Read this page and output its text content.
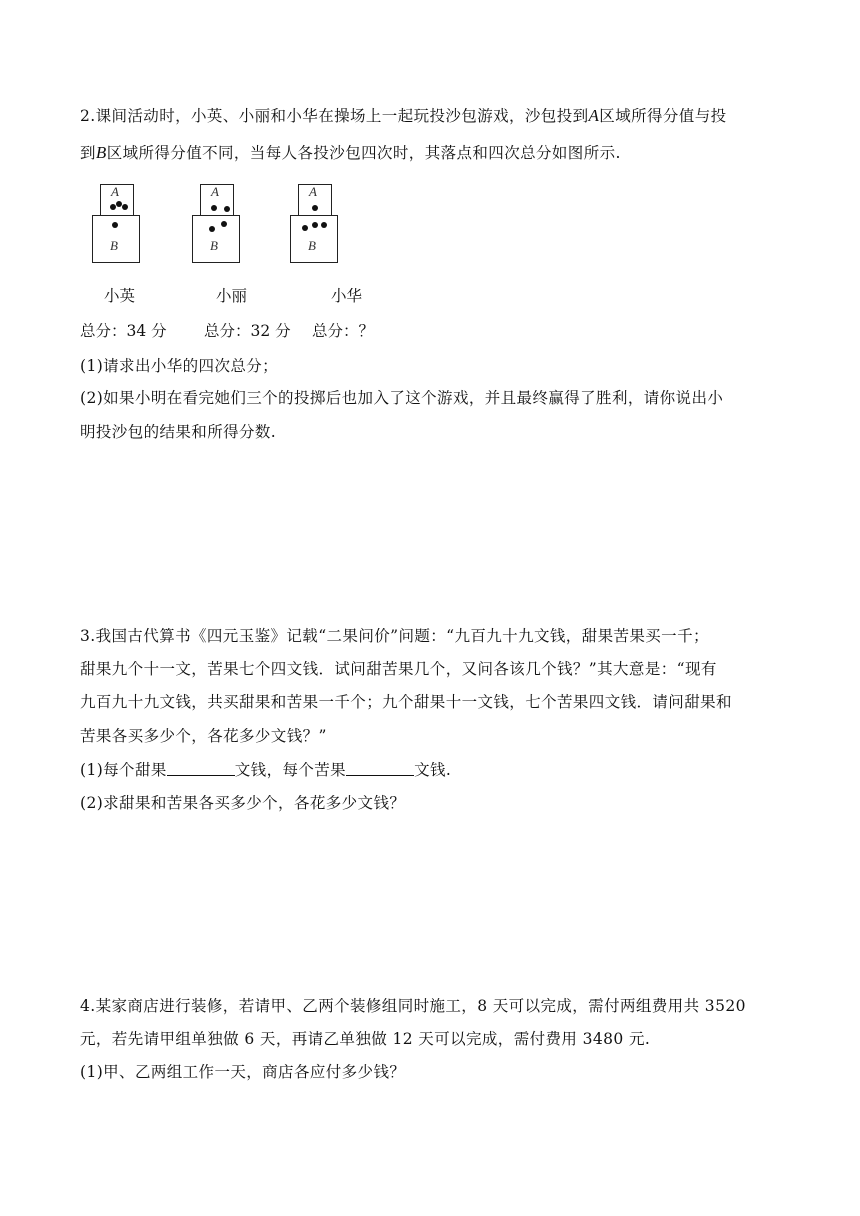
2.课间活动时，小英、小丽和小华在操场上一起玩投沙包游戏，沙包投到A区域所得分值与投
到B区域所得分值不同，当每人各投沙包四次时，其落点和四次总分如图所示.
A
B
A
B
A
B
小英	小丽	小华
总分：34 分 总分：32 分 总分：？
(1)请求出小华的四次总分；
(2)如果小明在看完她们三个的投掷后也加入了这个游戏，并且最终赢得了胜利，请你说出小
明投沙包的结果和所得分数.
3.我国古代算书《四元玉鉴》记载“二果问价”问题：“九百九十九文钱，甜果苦果买一千；
甜果九个十一文，苦果七个四文钱．试问甜苦果几个，又问各该几个钱？”其大意是：“现有
九百九十九文钱，共买甜果和苦果一千个；九个甜果十一文钱，七个苦果四文钱．请问甜果和
苦果各买多少个，各花多少文钱？”
(1)每个甜果	文钱，每个苦果	文钱.
(2)求甜果和苦果各买多少个，各花多少文钱？
4.某家商店进行装修，若请甲、乙两个装修组同时施工，8 天可以完成，需付两组费用共 3520
元，若先请甲组单独做 6 天，再请乙单独做 12 天可以完成，需付费用 3480 元.
(1)甲、乙两组工作一天，商店各应付多少钱？
